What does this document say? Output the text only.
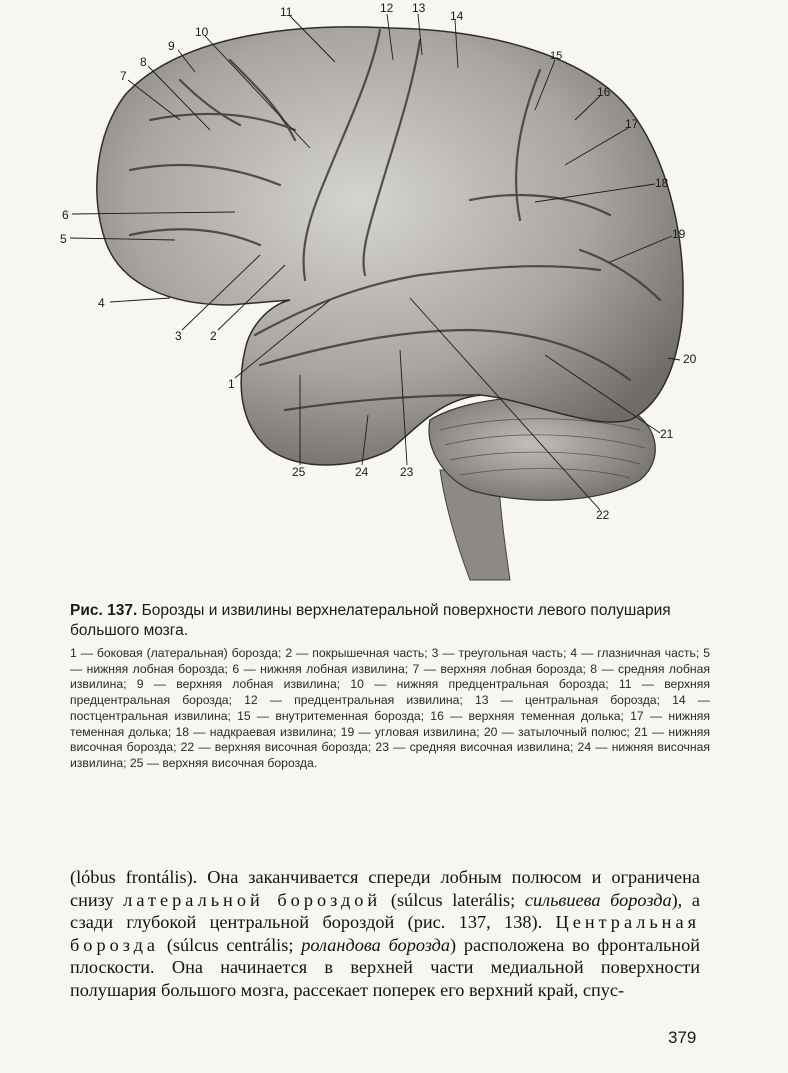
1
2
3
4
5
6
7
8
9
10
11	12 13
14
15
16
17
18
19
20
21
22
23
24
25
Рис. 137. Борозды и извилины верхнелатеральной поверхности левого полушария большого мозга.
1 — боковая (латеральная) борозда; 2 — покрышечная часть; 3 — треугольная часть; 4 — глазничная часть; 5 — нижняя лобная борозда; 6 — нижняя лобная извилина; 7 — верхняя лобная борозда; 8 — средняя лобная извилина; 9 — верхняя лобная извилина; 10 — нижняя предцентральная борозда; 11 — верхняя предцентральная борозда; 12 — предцентральная извилина; 13 — центральная борозда; 14 — постцентральная извилина; 15 — внутритеменная борозда; 16 — верхняя теменная долька; 17 — нижняя теменная долька; 18 — надкраевая извилина; 19 — угловая извилина; 20 — затылочный полюс; 21 — нижняя височная борозда; 22 — верхняя височная борозда; 23 — средняя височная извилина; 24 — нижняя височная извилина; 25 — верхняя височная борозда.

(lóbus frontális). Она заканчивается спереди лобным полюсом и ограничена снизу латеральной бороздой (súlcus laterális; сильвиева борозда), а сзади глубокой центральной бороздой (рис. 137, 138). Центральная борозда (súlcus centrális; роландова борозда) расположена во фронтальной плоскости. Она начинается в верхней части медиальной поверхности полушария большого мозга, рассекает поперек его верхний край, спус-

379
